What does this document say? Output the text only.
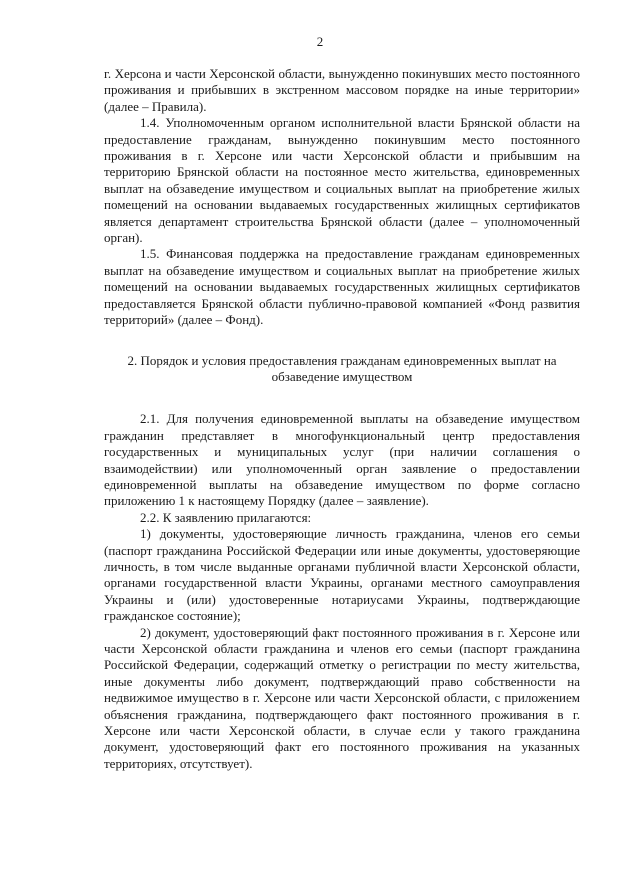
2

г. Херсона и части Херсонской области, вынужденно покинувших место постоянного проживания и прибывших в экстренном массовом порядке на иные территории» (далее – Правила).

1.4. Уполномоченным органом исполнительной власти Брянской области на предоставление гражданам, вынужденно покинувшим место постоянного проживания в г. Херсоне или части Херсонской области и прибывшим на территорию Брянской области на постоянное место жительства, единовременных выплат на обзаведение имуществом и социальных выплат на приобретение жилых помещений на основании выдаваемых государственных жилищных сертификатов является департамент строительства Брянской области (далее – уполномоченный орган).

1.5. Финансовая поддержка на предоставление гражданам единовременных выплат на обзаведение имуществом и социальных выплат на приобретение жилых помещений на основании выдаваемых государственных жилищных сертификатов предоставляется Брянской области публично-правовой компанией «Фонд развития территорий» (далее – Фонд).

2. Порядок и условия предоставления гражданам единовременных выплат на обзаведение имуществом

2.1. Для получения единовременной выплаты на обзаведение имуществом гражданин представляет в многофункциональный центр предоставления государственных и муниципальных услуг (при наличии соглашения о взаимодействии) или уполномоченный орган заявление о предоставлении единовременной выплаты на обзаведение имуществом по форме согласно приложению 1 к настоящему Порядку (далее – заявление).

2.2. К заявлению прилагаются:

1) документы, удостоверяющие личность гражданина, членов его семьи (паспорт гражданина Российской Федерации или иные документы, удостоверяющие личность, в том числе выданные органами публичной власти Херсонской области, органами государственной власти Украины, органами местного самоуправления Украины и (или) удостоверенные нотариусами Украины, подтверждающие гражданское состояние);

2) документ, удостоверяющий факт постоянного проживания в г. Херсоне или части Херсонской области гражданина и членов его семьи (паспорт гражданина Российской Федерации, содержащий отметку о регистрации по месту жительства, иные документы либо документ, подтверждающий право собственности на недвижимое имущество в г. Херсоне или части Херсонской области, с приложением объяснения гражданина, подтверждающего факт постоянного проживания в г. Херсоне или части Херсонской области, в случае если у такого гражданина документ, удостоверяющий факт его постоянного проживания на указанных территориях, отсутствует).
